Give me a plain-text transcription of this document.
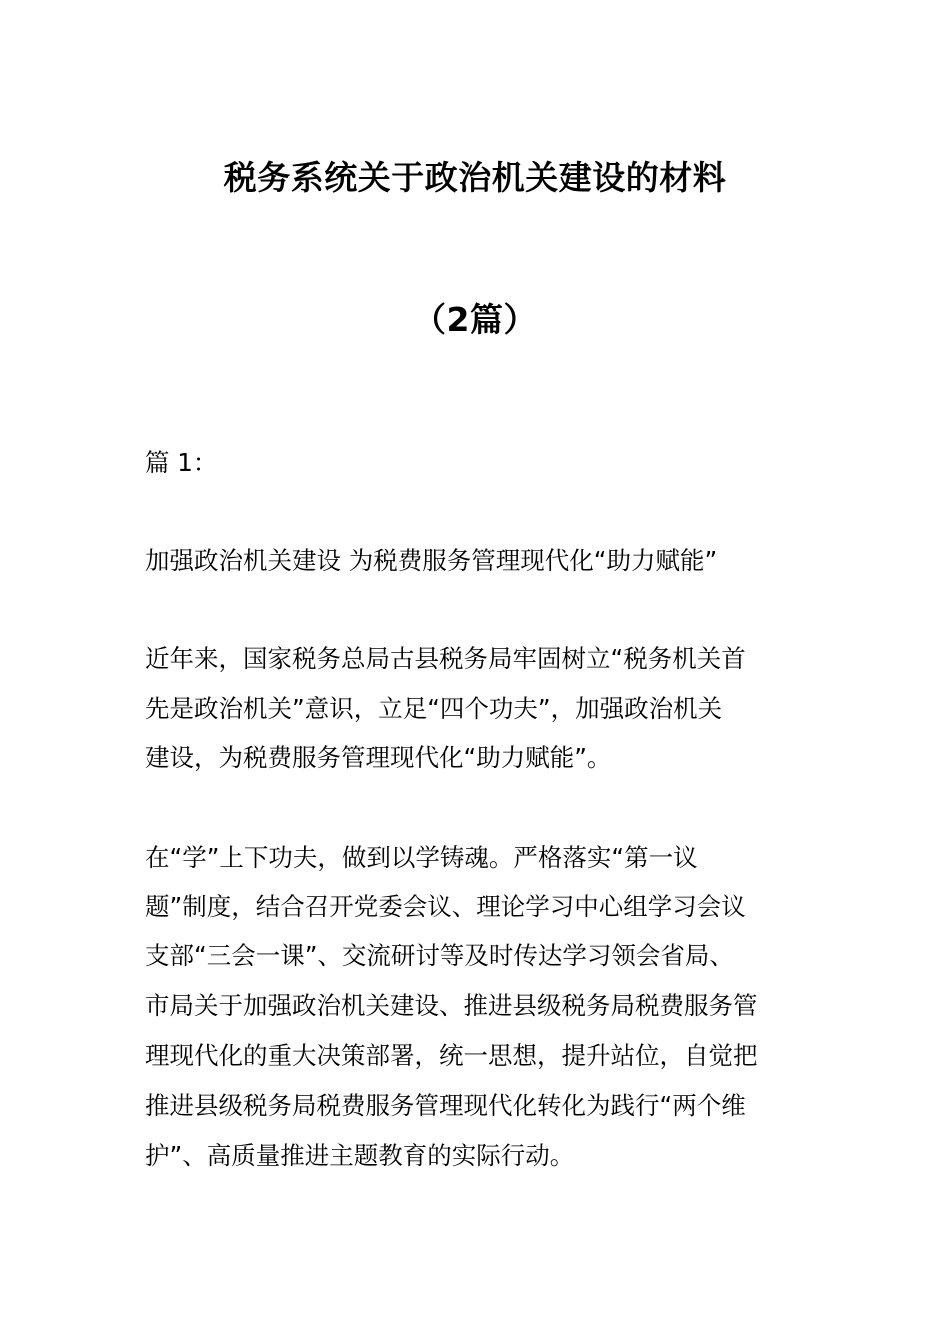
税务系统关于政治机关建设的材料
（2篇）
篇 1：
加强政治机关建设 为税费服务管理现代化“助力赋能”
近年来，国家税务总局古县税务局牢固树立“税务机关首
先是政治机关”意识，立足“四个功夫”，加强政治机关
建设，为税费服务管理现代化“助力赋能”。
在“学”上下功夫，做到以学铸魂。严格落实“第一议
题”制度，结合召开党委会议、理论学习中心组学习会议
支部“三会一课”、交流研讨等及时传达学习领会省局、
市局关于加强政治机关建设、推进县级税务局税费服务管
理现代化的重大决策部署，统一思想，提升站位，自觉把
推进县级税务局税费服务管理现代化转化为践行“两个维
护”、高质量推进主题教育的实际行动。
